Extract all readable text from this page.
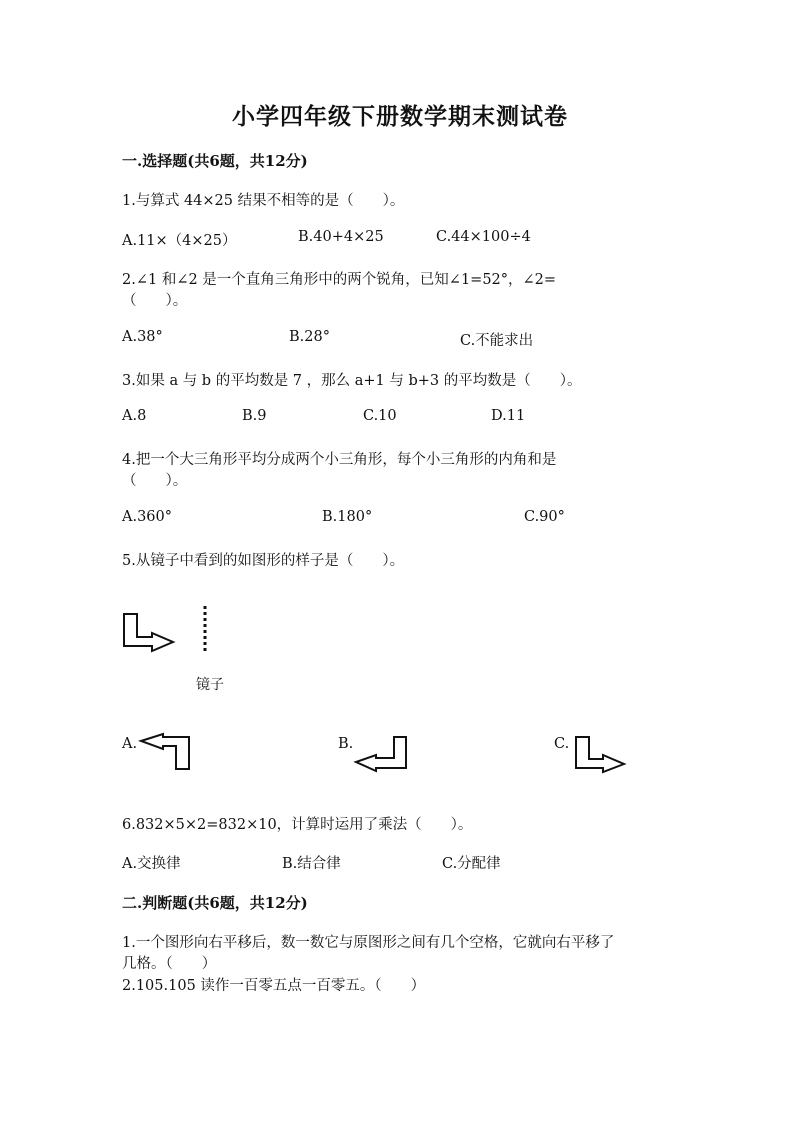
小学四年级下册数学期末测试卷
一.选择题(共6题，共12分)
1.与算式 44×25 结果不相等的是（　　）。
A.11×（4×25）	B.40+4×25	C.44×100÷4
2.∠1 和∠2 是一个直角三角形中的两个锐角，已知∠1=52°，∠2=
（　　）。
A.38°	B.28°	C.不能求出
3.如果 a 与 b 的平均数是 7 ，那么 a+1 与 b+3 的平均数是（　　）。
A.8	B.9	C.10	D.11
4.把一个大三角形平均分成两个小三角形，每个小三角形的内角和是
（　　）。
A.360°	B.180°	C.90°
5.从镜子中看到的如图形的样子是（　　）。
镜子
A.	B.	C.
6.832×5×2=832×10，计算时运用了乘法（　　）。
A.交换律	B.结合律	C.分配律
二.判断题(共6题，共12分)
1.一个图形向右平移后，数一数它与原图形之间有几个空格，它就向右平移了
几格。（　　）
2.105.105 读作一百零五点一百零五。（　　）
